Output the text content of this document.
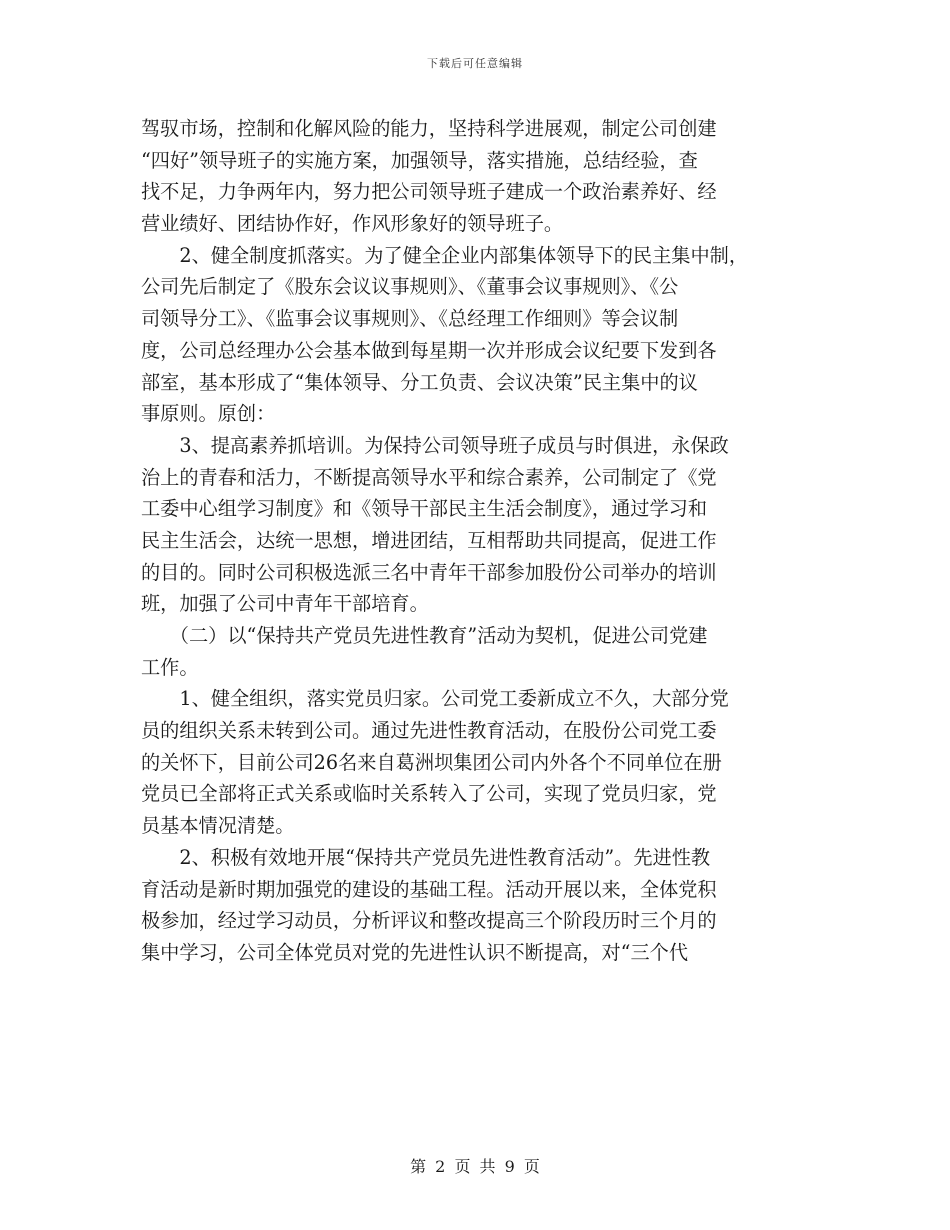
下载后可任意编辑
驾驭市场，控制和化解风险的能力，坚持科学进展观，制定公司创建
“四好”领导班子的实施方案，加强领导，落实措施，总结经验，查
找不足，力争两年内，努力把公司领导班子建成一个政治素养好、经
营业绩好、团结协作好，作风形象好的领导班子。
　　2、健全制度抓落实。为了健全企业内部集体领导下的民主集中制，
公司先后制定了《股东会议议事规则》、《董事会议事规则》、《公
司领导分工》、《监事会议事规则》、《总经理工作细则》等会议制
度，公司总经理办公会基本做到每星期一次并形成会议纪要下发到各
部室，基本形成了“集体领导、分工负责、会议决策”民主集中的议
事原则。原创：
　　3、提高素养抓培训。为保持公司领导班子成员与时俱进，永保政
治上的青春和活力，不断提高领导水平和综合素养，公司制定了《党
工委中心组学习制度》和《领导干部民主生活会制度》，通过学习和
民主生活会，达统一思想，增进团结，互相帮助共同提高，促进工作
的目的。同时公司积极选派三名中青年干部参加股份公司举办的培训
班，加强了公司中青年干部培育。
　　（二）以“保持共产党员先进性教育”活动为契机，促进公司党建
工作。
　　1、健全组织，落实党员归家。公司党工委新成立不久，大部分党
员的组织关系未转到公司。通过先进性教育活动，在股份公司党工委
的关怀下，目前公司26名来自葛洲坝集团公司内外各个不同单位在册
党员已全部将正式关系或临时关系转入了公司，实现了党员归家，党
员基本情况清楚。
　　2、积极有效地开展“保持共产党员先进性教育活动”。先进性教
育活动是新时期加强党的建设的基础工程。活动开展以来，全体党积
极参加，经过学习动员，分析评议和整改提高三个阶段历时三个月的
集中学习，公司全体党员对党的先进性认识不断提高，对“三个代
第 2 页 共 9 页
